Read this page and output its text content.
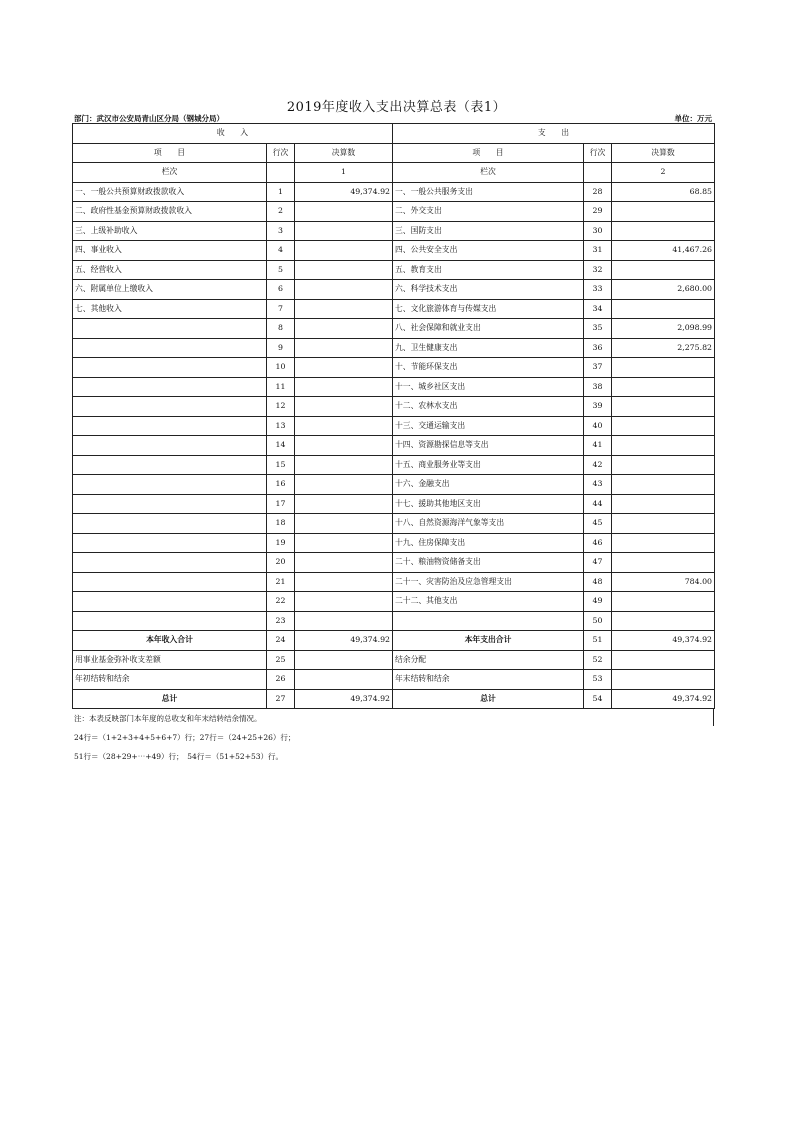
2019年度收入支出决算总表（表1）
部门：武汉市公安局青山区分局（钢城分局）	单位：万元
收　　入			支　　出		
项　　目	行次	决算数	项　　目	行次	决算数
栏次		1	栏次		2
一、一般公共预算财政拨款收入	1	49,374.92	一、一般公共服务支出	28	68.85
二、政府性基金预算财政拨款收入	2		二、外交支出	29	
三、上级补助收入	3		三、国防支出	30	
四、事业收入	4		四、公共安全支出	31	41,467.26
五、经营收入	5		五、教育支出	32	
六、附属单位上缴收入	6		六、科学技术支出	33	2,680.00
七、其他收入	7		七、文化旅游体育与传媒支出	34	
	8		八、社会保障和就业支出	35	2,098.99
	9		九、卫生健康支出	36	2,275.82
	10		十、节能环保支出	37	
	11		十一、城乡社区支出	38	
	12		十二、农林水支出	39	
	13		十三、交通运输支出	40	
	14		十四、资源勘探信息等支出	41	
	15		十五、商业服务业等支出	42	
	16		十六、金融支出	43	
	17		十七、援助其他地区支出	44	
	18		十八、自然资源海洋气象等支出	45	
	19		十九、住房保障支出	46	
	20		二十、粮油物资储备支出	47	
	21		二十一、灾害防治及应急管理支出	48	784.00
	22		二十二、其他支出	49	
	23			50	
本年收入合计	24	49,374.92	本年支出合计	51	49,374.92
用事业基金弥补收支差额	25		结余分配	52	
年初结转和结余	26		年末结转和结余	53	
总计	27	49,374.92	总计	54	49,374.92
注：本表反映部门本年度的总收支和年末结转结余情况。
24行＝（1+2+3+4+5+6+7）行；27行＝（24+25+26）行；
51行＝（28+29+⋯+49）行；　54行＝（51+52+53）行。
